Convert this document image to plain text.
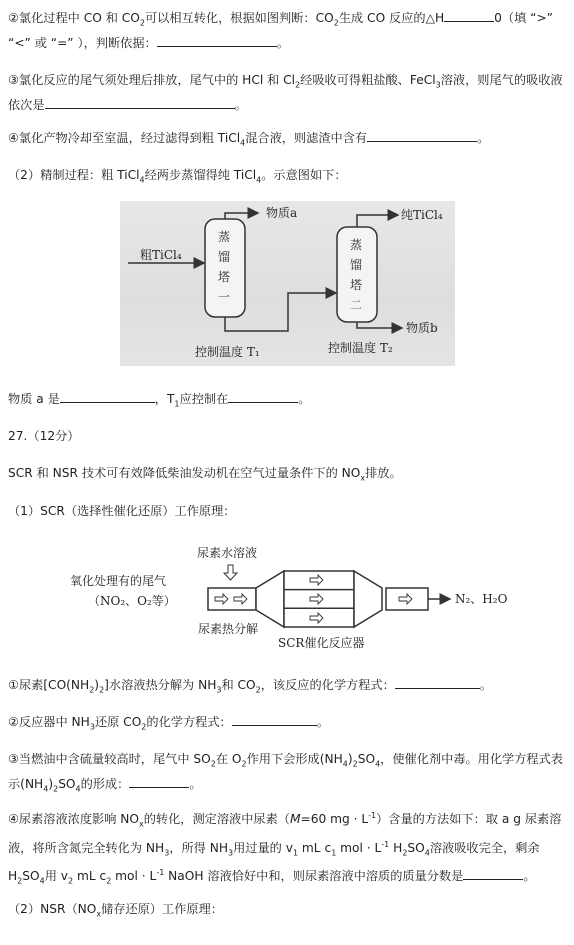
②氯化过程中 CO 和 $CO_2$可以相互转化，根据如图判断：$CO_2$生成 CO 反应的△H	0（填 “>” “<” 或 “=” ），判断依据：	。
③氯化反应的尾气须处理后排放，尾气中的 HCl 和 $Cl_2$经吸收可得粗盐酸、FeCl$_3$溶液，则尾气的吸收液依次是	。
④氯化产物冷却至室温，经过滤得到粗 TiCl$_4$混合液，则滤渣中含有	。
（2）精制过程：粗 TiCl$_4$经两步蒸馏得纯 TiCl$_4$。示意图如下：
粗TiCl₄
蒸
馏
塔
一
蒸
馏
塔
二
物质a	纯TiCl₄
物质b
控制温度 T₁	控制温度 T₂
物质 a 是	，$T_1$应控制在	。
27.（12分）
SCR 和 NSR 技术可有效降低柴油发动机在空气过量条件下的 $NO_x$排放。
（1）SCR（选择性催化还原）工作原理：
尿素水溶液
氧化处理有的尾气
（NO₂、O₂等）
尿素热分解
SCR催化反应器
N₂、H₂O
①尿素$[CO(NH_2)_2]$水溶液热分解为 $NH_3$和 $CO_2$，该反应的化学方程式：	。
②反应器中 $NH_3$还原 $CO_2$的化学方程式：	。
③当燃油中含硫量较高时，尾气中 $SO_2$在 $O_2$作用下会形成$(NH_4)_2SO_4$，使催化剂中毒。用化学方程式表示$(NH_4)_2SO_4$的形成：	。
④尿素溶液浓度影响 $NO_x$的转化，测定溶液中尿素（M=60 mg · $L^{-1}$）含量的方法如下：取 a g 尿素溶液，将所含氮完全转化为 $NH_3$，所得 $NH_3$用过量的 $v_1$ mL $c_1$ mol · $L^{-1}$ $H_2SO_4$溶液吸收完全，剩余 $H_2SO_4$用 $v_2$ mL $c_2$ mol · $L^{-1}$ NaOH 溶液恰好中和，则尿素溶液中溶质的质量分数是	。
$(2)NSR(NO_x$储存还原）工作原理：
